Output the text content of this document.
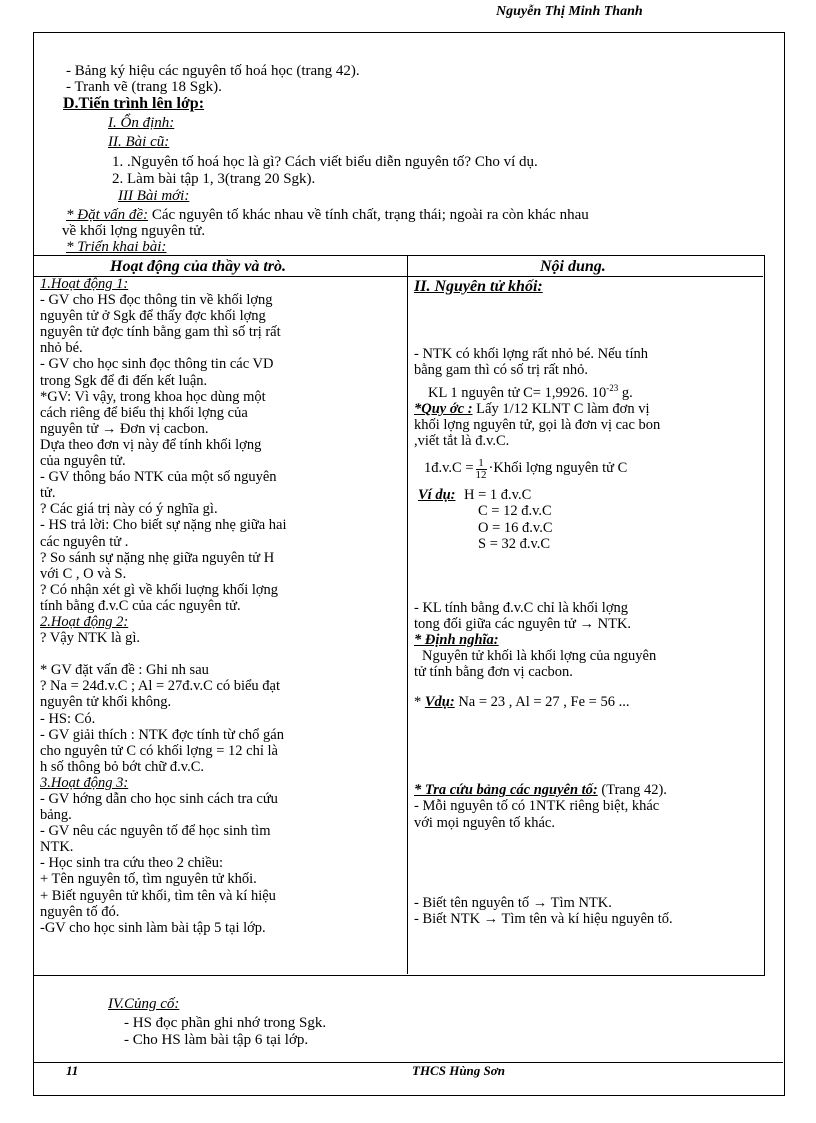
Nguyễn Thị Minh Thanh
- Bảng ký hiệu các nguyên tố hoá học (trang 42).
- Tranh vẽ (trang 18 Sgk).
D.Tiến trình lên lớp:
I. Ổn định:
II. Bài cũ:
1. .Nguyên tố hoá học là gì? Cách viết biểu diễn nguyên tố? Cho ví dụ.
2. Làm bài tập 1, 3(trang 20 Sgk).
III Bài mới:
* Đặt vấn đề: Các nguyên tố khác nhau về tính chất, trạng thái; ngoài ra còn khác nhau
về khối lợng nguyên tử.
* Triển khai bài:
Hoạt động của thầy và trò.	Nội dung.
1.Hoạt động 1:
- GV cho HS đọc thông tin về khối lợng
nguyên tử ở Sgk để thấy đợc khối lợng
nguyên tử đợc tính bằng gam thì số trị rất
nhỏ bé.
- GV cho học sinh đọc thông tin các VD
trong Sgk để đi đến kết luận.
*GV: Vì vậy, trong khoa học dùng một
cách riêng để biểu thị khối lợng của
nguyên tử → Đơn vị cacbon.
Dựa theo đơn vị này để tính khối lợng
của nguyên tử.
- GV thông báo NTK của một số nguyên
tử.
? Các giá trị này có ý nghĩa gì.
- HS trả lời: Cho biết sự nặng nhẹ giữa hai
các nguyên tử .
? So sánh sự nặng nhẹ giữa nguyên tử H
với C , O và S.
? Có nhận xét gì về khối luợng khối lợng
tính bằng đ.v.C của các nguyên tử.
2.Hoạt động 2:
? Vậy NTK là gì.
* GV đặt vấn đề : Ghi nh sau
? Na = 24đ.v.C ; Al = 27đ.v.C có biểu đạt
nguyên tử khối không.
- HS: Có.
- GV giải thích : NTK đợc tính từ chổ gán
cho nguyên tử C có khối lợng = 12 chỉ là
h số thông bỏ bớt chữ đ.v.C.
3.Hoạt động 3:
- GV hớng dẫn cho học sinh cách tra cứu
bảng.
- GV nêu các nguyên tố để học sinh tìm
NTK.
- Học sinh tra cứu theo 2 chiều:
+ Tên nguyên tố, tìm nguyên tử khối.
+ Biết nguyên tử khối, tìm tên và kí hiệu
nguyên tố đó.
-GV cho học sinh làm bài tập 5 tại lớp.
II. Nguyên tử khối:
- NTK có khối lợng rất nhỏ bé. Nếu tính
bằng gam thì có số trị rất nhỏ.
KL 1 nguyên tử C= 1,9926. $10^{-23}$ g.
*Quy ớc : Lấy 1/12 KLNT C làm đơn vị
khối lợng nguyên tử, gọi là đơn vị cac bon
,viết tắt là đ.v.C.
1đ.v.C = $\frac{1}{12}$ ·Khối lợng nguyên tử C
Ví dụ: H = 1 đ.v.C
C = 12 đ.v.C
O = 16 đ.v.C
S = 32 đ.v.C
- KL tính bằng đ.v.C chỉ là khối lợng
tong đối giữa các nguyên tử → NTK.
* Định nghĩa:
Nguyên tử khối là khối lợng của nguyên
tử tính bằng đơn vị cacbon.
* Vdụ: Na = 23 , Al = 27 , Fe = 56 ...
* Tra cứu bảng các nguyên tố: (Trang 42).
- Mỗi nguyên tố có 1NTK riêng biệt, khác
với mọi nguyên tố khác.
- Biết tên nguyên tố → Tìm NTK.
- Biết NTK → Tìm tên và kí hiệu nguyên tố.
IV.Củng cố:
- HS đọc phần ghi nhớ trong Sgk.
- Cho HS làm bài tập 6 tại lớp.
11	THCS Hùng Sơn
